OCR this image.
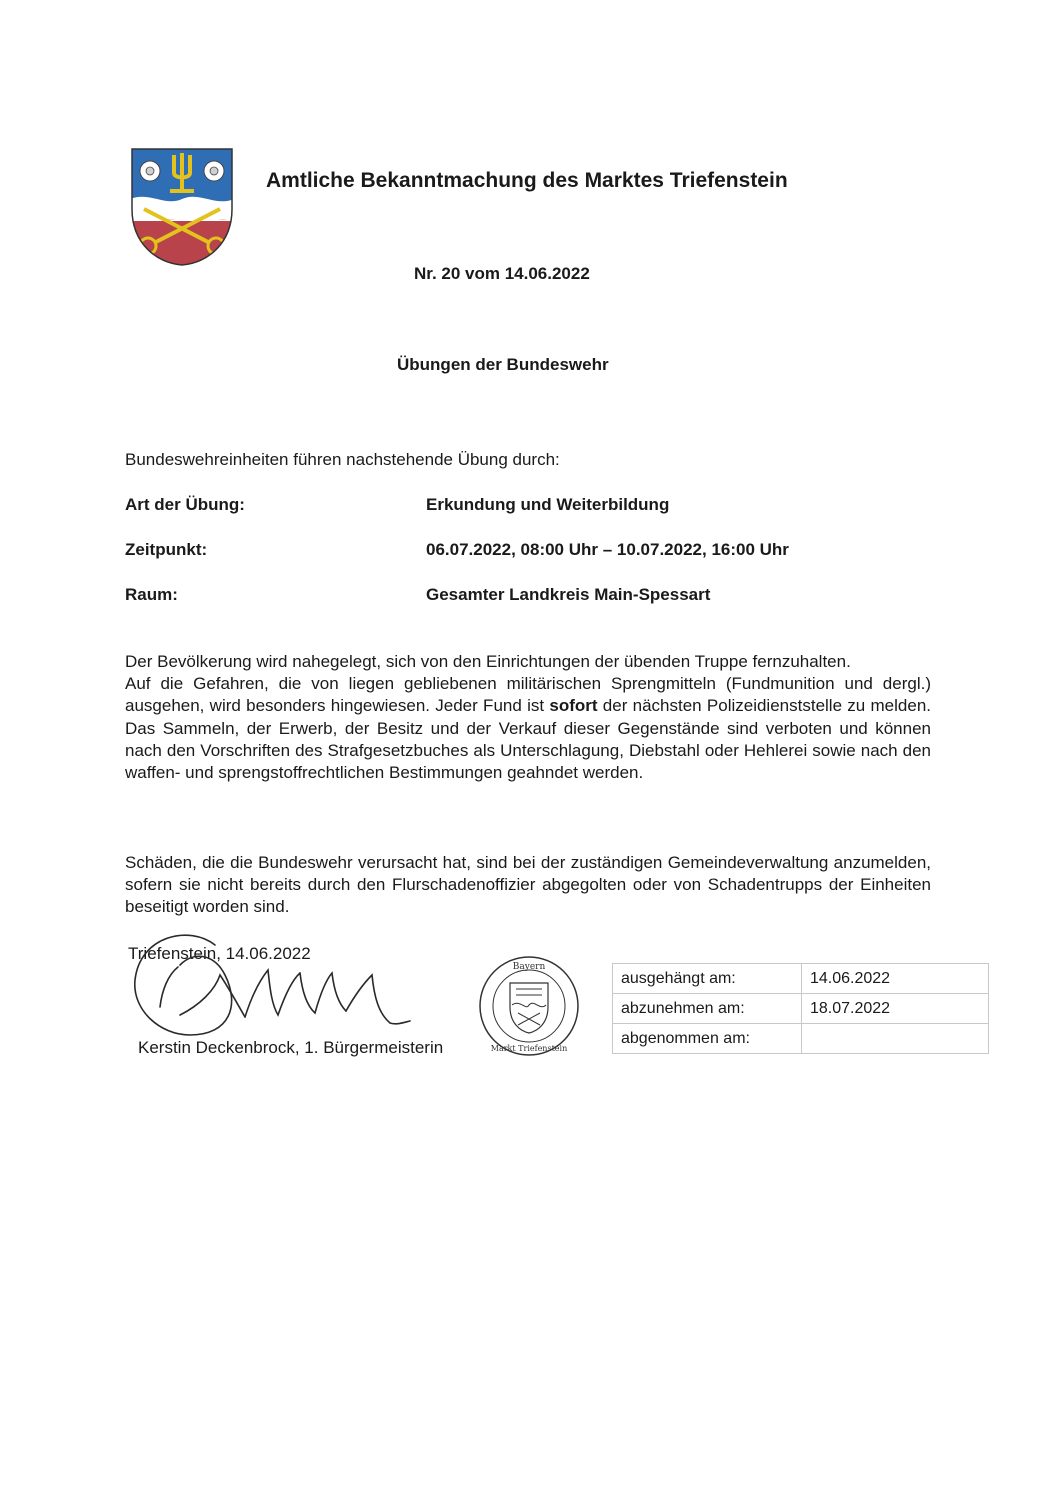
Amtliche Bekanntmachung des Marktes Triefenstein
Nr. 20 vom 14.06.2022
Übungen der Bundeswehr
Bundeswehreinheiten führen nachstehende Übung durch:
Art der Übung:	Erkundung und Weiterbildung
Zeitpunkt:	06.07.2022, 08:00 Uhr – 10.07.2022, 16:00 Uhr
Raum:	Gesamter Landkreis Main-Spessart

Der Bevölkerung wird nahegelegt, sich von den Einrichtungen der übenden Truppe fernzuhalten.

Auf die Gefahren, die von liegen gebliebenen militärischen Sprengmitteln (Fundmunition und dergl.) ausgehen, wird besonders hingewiesen. Jeder Fund ist sofort der nächsten Polizeidienststelle zu melden. Das Sammeln, der Erwerb, der Besitz und der Verkauf dieser Gegenstände sind verboten und können nach den Vorschriften des Strafgesetzbuches als Unterschlagung, Diebstahl oder Hehlerei sowie nach den waffen- und sprengstoffrechtlichen Bestimmungen geahndet werden.

Schäden, die die Bundeswehr verursacht hat, sind bei der zuständigen Gemeindeverwaltung anzumelden, sofern sie nicht bereits durch den Flurschadenoffizier abgegolten oder von Schadentrupps der Einheiten beseitigt worden sind.

Triefenstein, 14.06.2022
Kerstin Deckenbrock, 1. Bürgermeisterin
Bayern
Markt Triefenstein
ausgehängt am:	14.06.2022
abzunehmen am:	18.07.2022
abgenommen am:	
